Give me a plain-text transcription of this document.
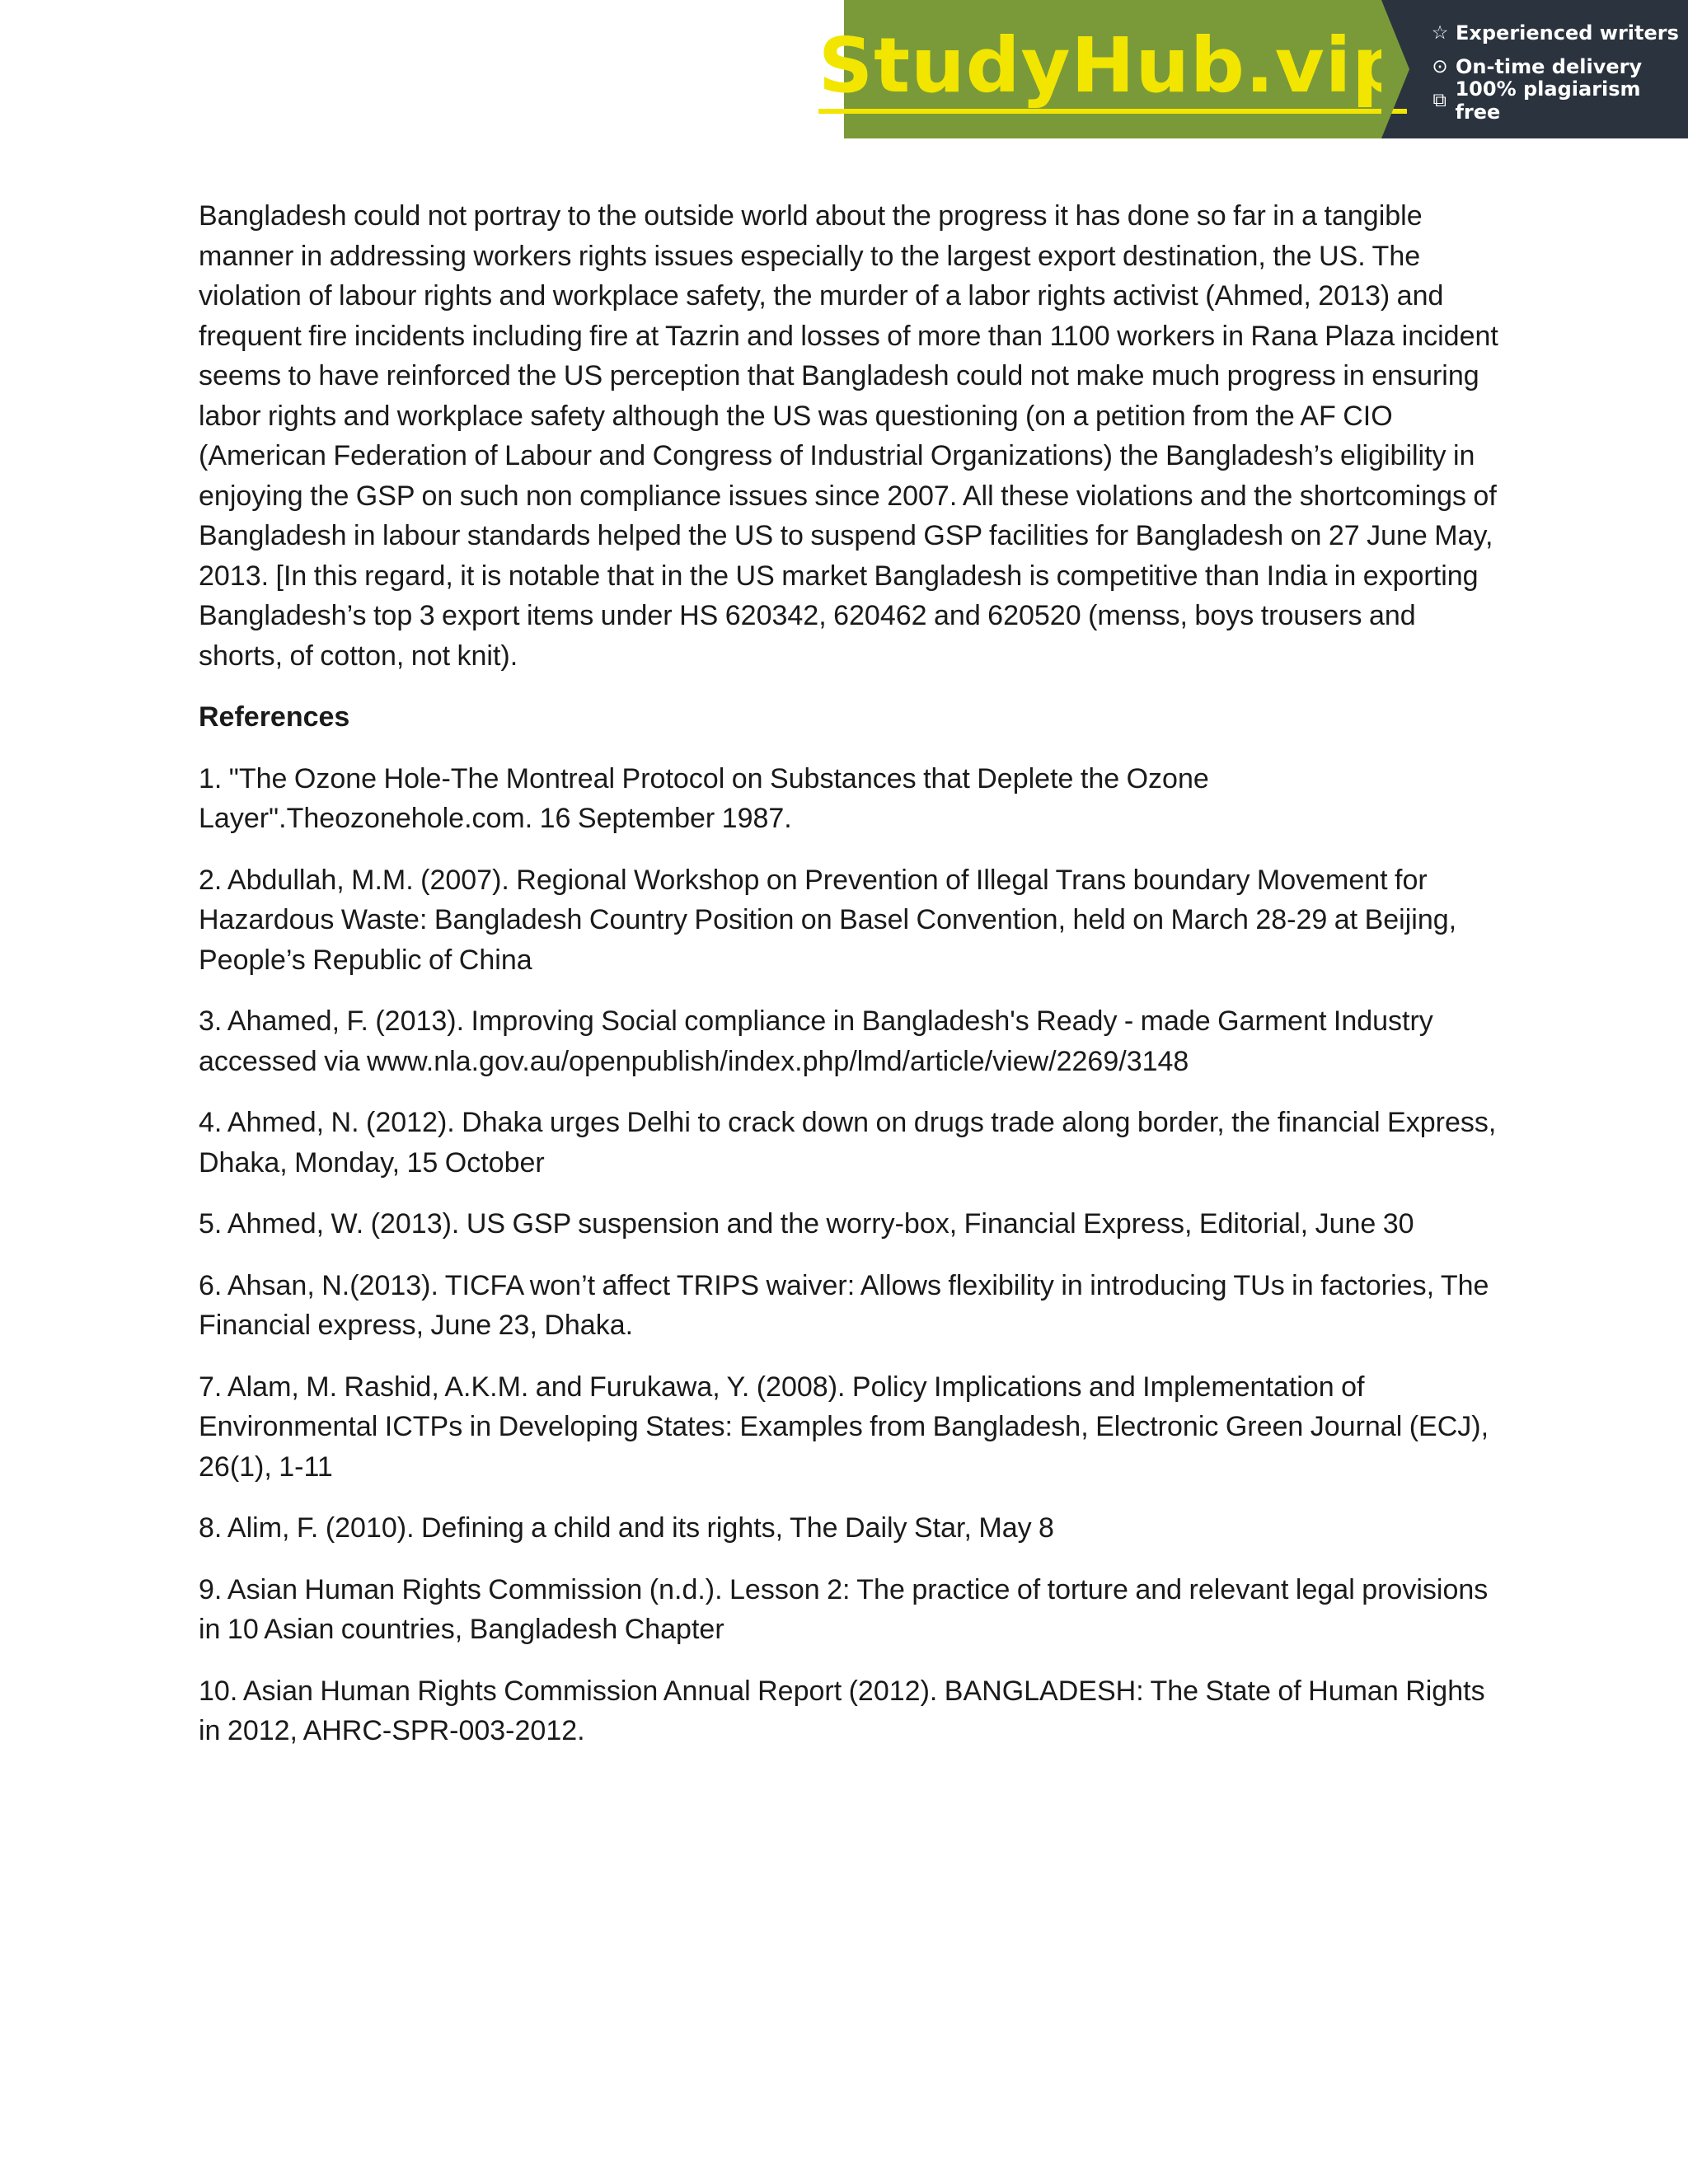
StudyHub.vip ☆ Experienced writers
⊙ On-time delivery
⧉ 100% plagiarism free

Bangladesh could not portray to the outside world about the progress it has done so far in a tangible manner in addressing workers rights issues especially to the largest export destination, the US. The violation of labour rights and workplace safety, the murder of a labor rights activist (Ahmed, 2013) and frequent fire incidents including fire at Tazrin and losses of more than 1100 workers in Rana Plaza incident seems to have reinforced the US perception that Bangladesh could not make much progress in ensuring labor rights and workplace safety although the US was questioning (on a petition from the AF CIO (American Federation of Labour and Congress of Industrial Organizations) the Bangladesh’s eligibility in enjoying the GSP on such non compliance issues since 2007. All these violations and the shortcomings of Bangladesh in labour standards helped the US to suspend GSP facilities for Bangladesh on 27 June May, 2013. [In this regard, it is notable that in the US market Bangladesh is competitive than India in exporting Bangladesh’s top 3 export items under HS 620342, 620462 and 620520 (menss, boys trousers and shorts, of cotton, not knit).

References

1. "The Ozone Hole-The Montreal Protocol on Substances that Deplete the Ozone Layer".Theozonehole.com. 16 September 1987.

2. Abdullah, M.M. (2007). Regional Workshop on Prevention of Illegal Trans boundary Movement for Hazardous Waste: Bangladesh Country Position on Basel Convention, held on March 28-29 at Beijing, People’s Republic of China

3. Ahamed, F. (2013). Improving Social compliance in Bangladesh's Ready - made Garment Industry accessed via www.nla.gov.au/openpublish/index.php/lmd/article/view/2269/3148

4. Ahmed, N. (2012). Dhaka urges Delhi to crack down on drugs trade along border, the financial Express, Dhaka, Monday, 15 October

5. Ahmed, W. (2013). US GSP suspension and the worry-box, Financial Express, Editorial, June 30

6. Ahsan, N.(2013). TICFA won’t affect TRIPS waiver: Allows flexibility in introducing TUs in factories, The Financial express, June 23, Dhaka.

7. Alam, M. Rashid, A.K.M. and Furukawa, Y. (2008). Policy Implications and Implementation of Environmental ICTPs in Developing States: Examples from Bangladesh, Electronic Green Journal (ECJ), 26(1), 1-11

8. Alim, F. (2010). Defining a child and its rights, The Daily Star, May 8

9. Asian Human Rights Commission (n.d.). Lesson 2: The practice of torture and relevant legal provisions in 10 Asian countries, Bangladesh Chapter

10. Asian Human Rights Commission Annual Report (2012). BANGLADESH: The State of Human Rights in 2012, AHRC-SPR-003-2012.
